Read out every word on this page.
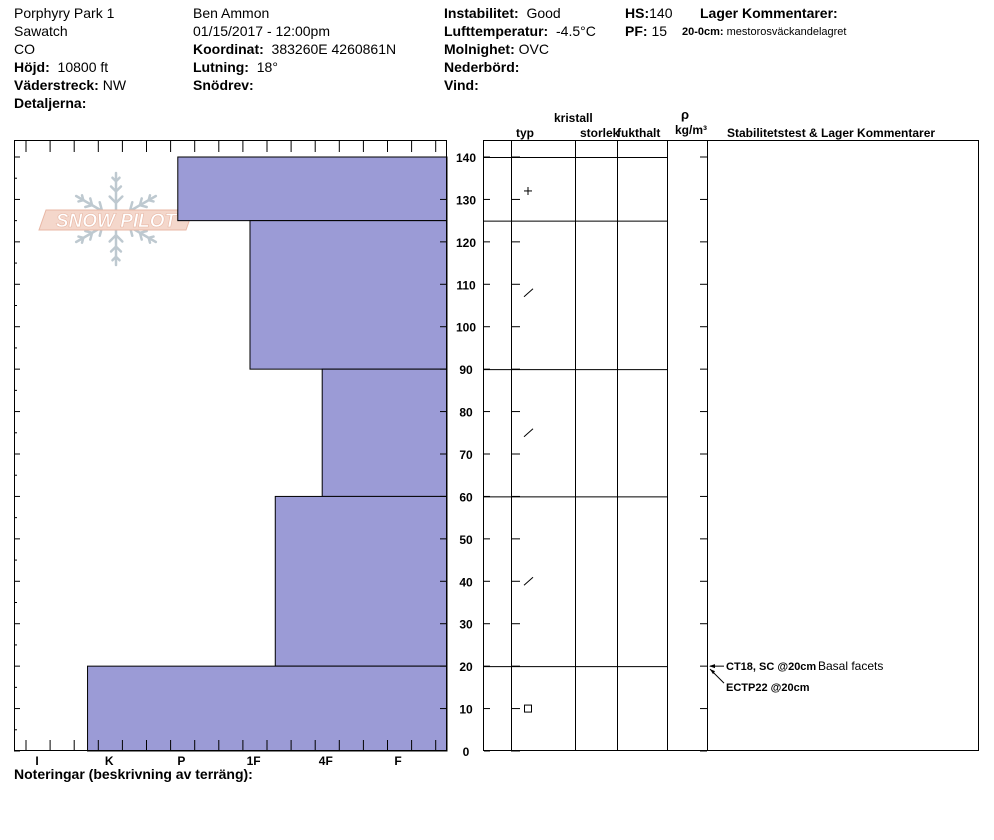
Porphyry Park 1
Sawatch
CO
Höjd: 10800 ft
Väderstreck: NW
Detaljerna:
Ben Ammon
01/15/2017 - 12:00pm
Koordinat: 383260E 4260861N
Lutning: 18°
Snödrev:
Instabilitet: Good
Lufttemperatur: -4.5°C
Molnighet: OVC
Nederbörd:
Vind:
HS:140
PF: 15
Lager Kommentarer:
20-0cm: mestorosväckandelagret
kristall
typ	storlek
fukthalt
ρ
kg/m³ Stabilitetstest & Lager Kommentarer
SNOW PILOT
I	K	P	1F	4F	F
0
10
20
30
40
50
60
70
80
90
100
110
120
130
140
CT18, SC @20cm Basal facets
ECTP22 @20cm
Noteringar (beskrivning av terräng):
